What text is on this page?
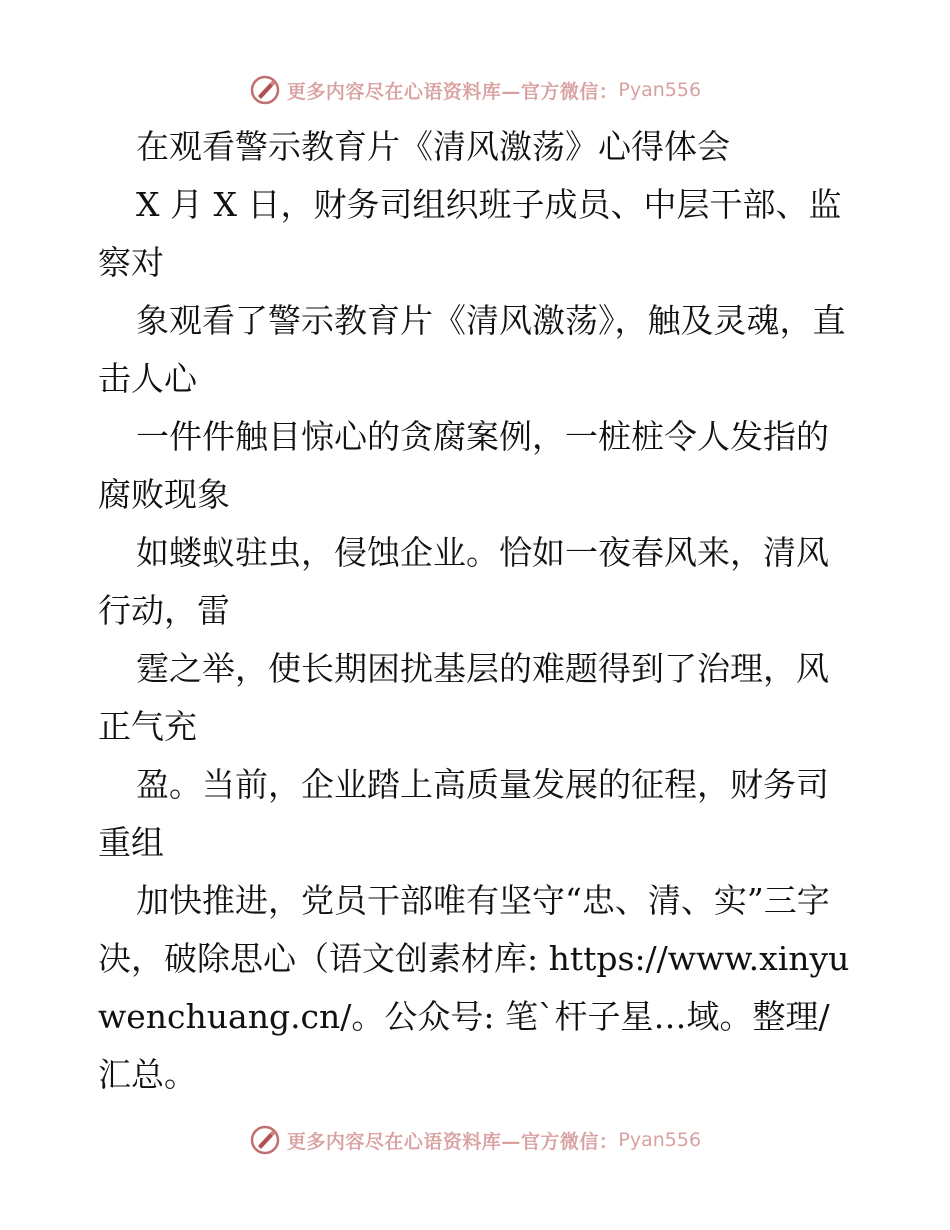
更多内容尽在心语资料库—官方微信： Pyan556

在观看警示教育片《清风激荡》心得体会

X 月 X 日，财务司组织班子成员、中层干部、监察对

象观看了警示教育片《清风激荡》，触及灵魂，直击人心

一件件触目惊心的贪腐案例，一桩桩令人发指的腐败现象

如蝼蚁驻虫，侵蚀企业。恰如一夜春风来，清风行动，雷

霆之举，使长期困扰基层的难题得到了治理，风正气充

盈。当前，企业踏上高质量发展的征程，财务司重组

加快推进，党员干部唯有坚守“忠、清、实”三字决，破除思心（语文创素材库: https://www.xinyuwenchuang.cn/。公众号: 笔`杆子星…域。整理/汇总。

更多内容尽在心语资料库—官方微信： Pyan556
